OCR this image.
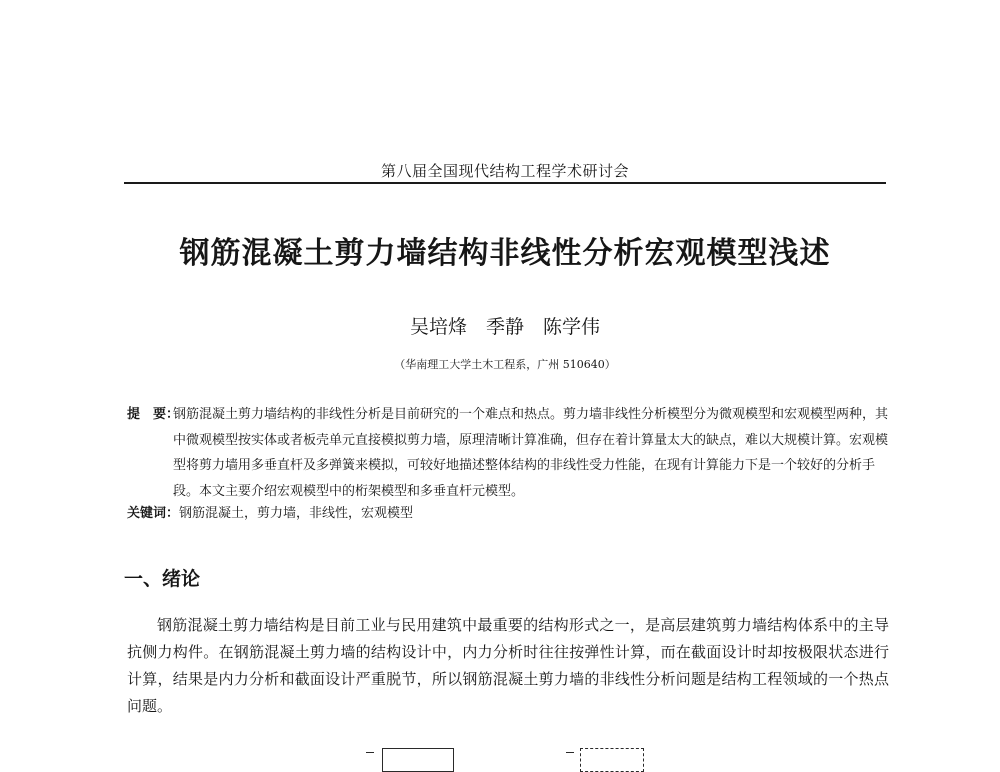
第八届全国现代结构工程学术研讨会
钢筋混凝土剪力墙结构非线性分析宏观模型浅述
吴培烽　季静　陈学伟
（华南理工大学土木工程系，广州 510640）
提　要：
钢筋混凝土剪力墙结构的非线性分析是目前研究的一个难点和热点。剪力墙非线性分析模型分为微观模型和宏观模型两种，其中微观模型按实体或者板壳单元直接模拟剪力墙，原理清晰计算准确，但存在着计算量太大的缺点，难以大规模计算。宏观模型将剪力墙用多垂直杆及多弹簧来模拟，可较好地描述整体结构的非线性受力性能，在现有计算能力下是一个较好的分析手段。本文主要介绍宏观模型中的桁架模型和多垂直杆元模型。
关键词：钢筋混凝土，剪力墙，非线性，宏观模型
一、绪论
钢筋混凝土剪力墙结构是目前工业与民用建筑中最重要的结构形式之一，是高层建筑剪力墙结构体系中的主导抗侧力构件。在钢筋混凝土剪力墙的结构设计中，内力分析时往往按弹性计算，而在截面设计时却按极限状态进行计算，结果是内力分析和截面设计严重脱节，所以钢筋混凝土剪力墙的非线性分析问题是结构工程领域的一个热点问题。
